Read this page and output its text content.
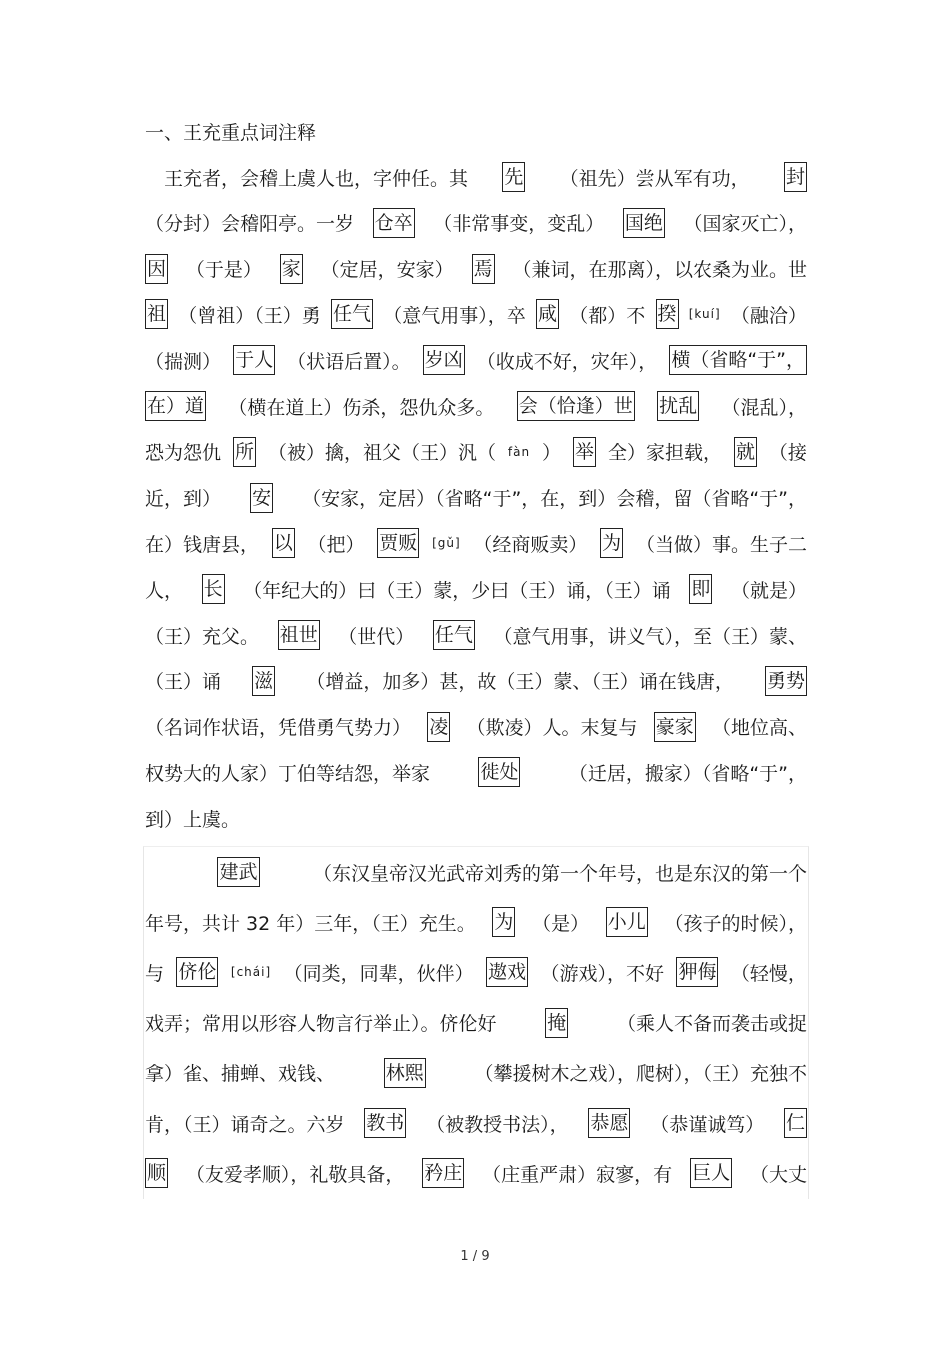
一、王充重点词注释
　王充者，会稽上虞人也，字仲任。其 先 （祖先）尝从军有功， 封
（分封）会稽阳亭。一岁 仓卒 （非常事变，变乱） 国绝 （国家灭亡），
因 （于是） 家 （定居，安家） 焉 （兼词，在那离），以农桑为业。世
祖 （曾祖）（王）勇 任气 （意气用事），卒 咸 （都）不 揆 [kuí] （融洽）
（揣测） 于人 （状语后置）。 岁凶 （收成不好，灾年）， 横（省略“于”，
在）道 （横在道上）伤杀，怨仇众多。 会（恰逢）世 扰乱 （混乱），
恐为怨仇 所 （被）擒，祖父（王）汎（ fàn ） 举 全）家担载， 就 （接
近，到） 安 （安家，定居）（省略“于”，在，到）会稽，留（省略“于”，
在）钱唐县， 以 （把） 贾贩 [gǔ] （经商贩卖） 为 （当做）事。生子二
人， 长 （年纪大的）曰（王）蒙，少曰（王）诵，（王）诵 即 （就是）
（王）充父。 祖世 （世代） 任气 （意气用事，讲义气），至（王）蒙、
（王）诵 滋 （增益，加多）甚，故（王）蒙、（王）诵在钱唐， 勇势
（名词作状语，凭借勇气势力） 凌 （欺凌）人。末复与 豪家 （地位高、
权势大的人家）丁伯等结怨，举家	徙处	（迁居，搬家）（省略“于”，
到）上虞。

建武	（东汉皇帝汉光武帝刘秀的第一个年号，也是东汉的第一个
年号，共计 32 年）三年，（王）充生。 为 （是） 小儿 （孩子的时候），
与 侪伦 [chái] （同类，同辈，伙伴） 遨戏 （游戏），不好 狎侮 （轻慢，
戏弄；常用以形容人物言行举止）。侪伦好	掩	（乘人不备而袭击或捉
拿）雀、捕蝉、戏钱、	林熙	（攀援树木之戏），爬树），（王）充独不
肯，（王）诵奇之。六岁 教书 （被教授书法）， 恭愿 （恭谨诚笃） 仁
顺 （友爱孝顺），礼敬具备， 矜庄 （庄重严肃）寂寥，有 巨人 （大丈
1 / 9
